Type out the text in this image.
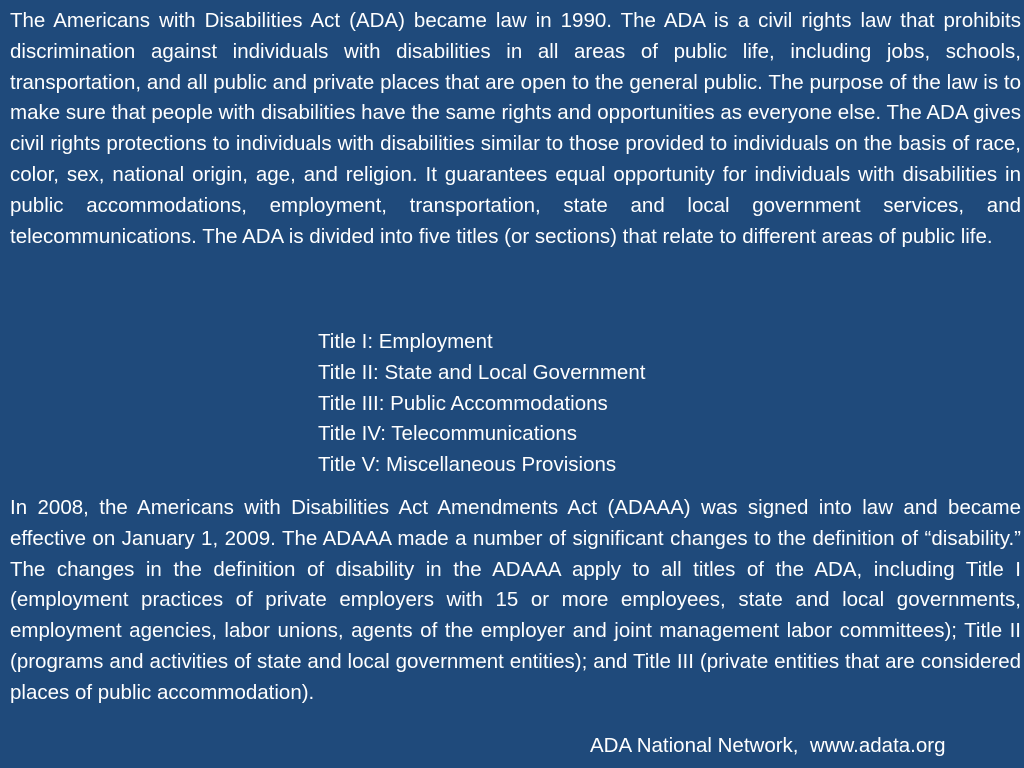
The Americans with Disabilities Act (ADA) became law in 1990. The ADA is a civil rights law that prohibits discrimination against individuals with disabilities in all areas of public life, including jobs, schools, transportation, and all public and private places that are open to the general public. The purpose of the law is to make sure that people with disabilities have the same rights and opportunities as everyone else. The ADA gives civil rights protections to individuals with disabilities similar to those provided to individuals on the basis of race, color, sex, national origin, age, and religion. It guarantees equal opportunity for individuals with disabilities in public accommodations, employment, transportation, state and local government services, and telecommunications. The ADA is divided into five titles (or sections) that relate to different areas of public life.

Title I: Employment
Title II: State and Local Government
Title III: Public Accommodations
Title IV: Telecommunications
Title V: Miscellaneous Provisions

In 2008, the Americans with Disabilities Act Amendments Act (ADAAA) was signed into law and became effective on January 1, 2009. The ADAAA made a number of significant changes to the definition of “disability.” The changes in the definition of disability in the ADAAA apply to all titles of the ADA, including Title I (employment practices of private employers with 15 or more employees, state and local governments, employment agencies, labor unions, agents of the employer and joint management labor committees); Title II (programs and activities of state and local government entities); and Title III (private entities that are considered places of public accommodation).

ADA National Network,  www.adata.org
